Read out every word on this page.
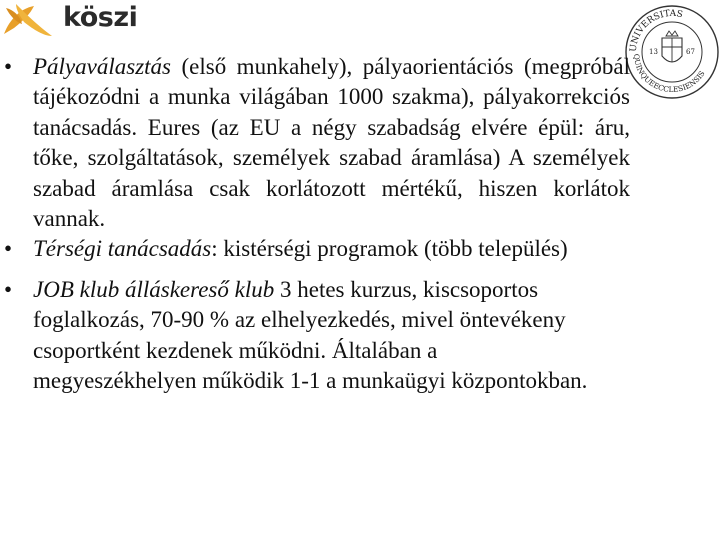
köszi
UNIVERSITAS
QUINQUEECCLESIENSIS
13	67
• Pályaválasztás (első munkahely), pályaorientációs (megpróbál tájékozódni a munka világában 1000 szakma), pályakorrekciós tanácsadás. Eures (az EU a négy szabadság elvére épül: áru, tőke, szolgáltatások, személyek szabad áramlása) A személyek szabad áramlása csak korlátozott mértékű, hiszen korlátok vannak.
• Térségi tanácsadás: kistérségi programok (több település)
• JOB klub álláskereső klub 3 hetes kurzus, kiscsoportos foglalkozás, 70-90 % az elhelyezkedés, mivel öntevékeny csoportként kezdenek működni. Általában a megyeszékhelyen működik 1-1 a munkaügyi központokban.
